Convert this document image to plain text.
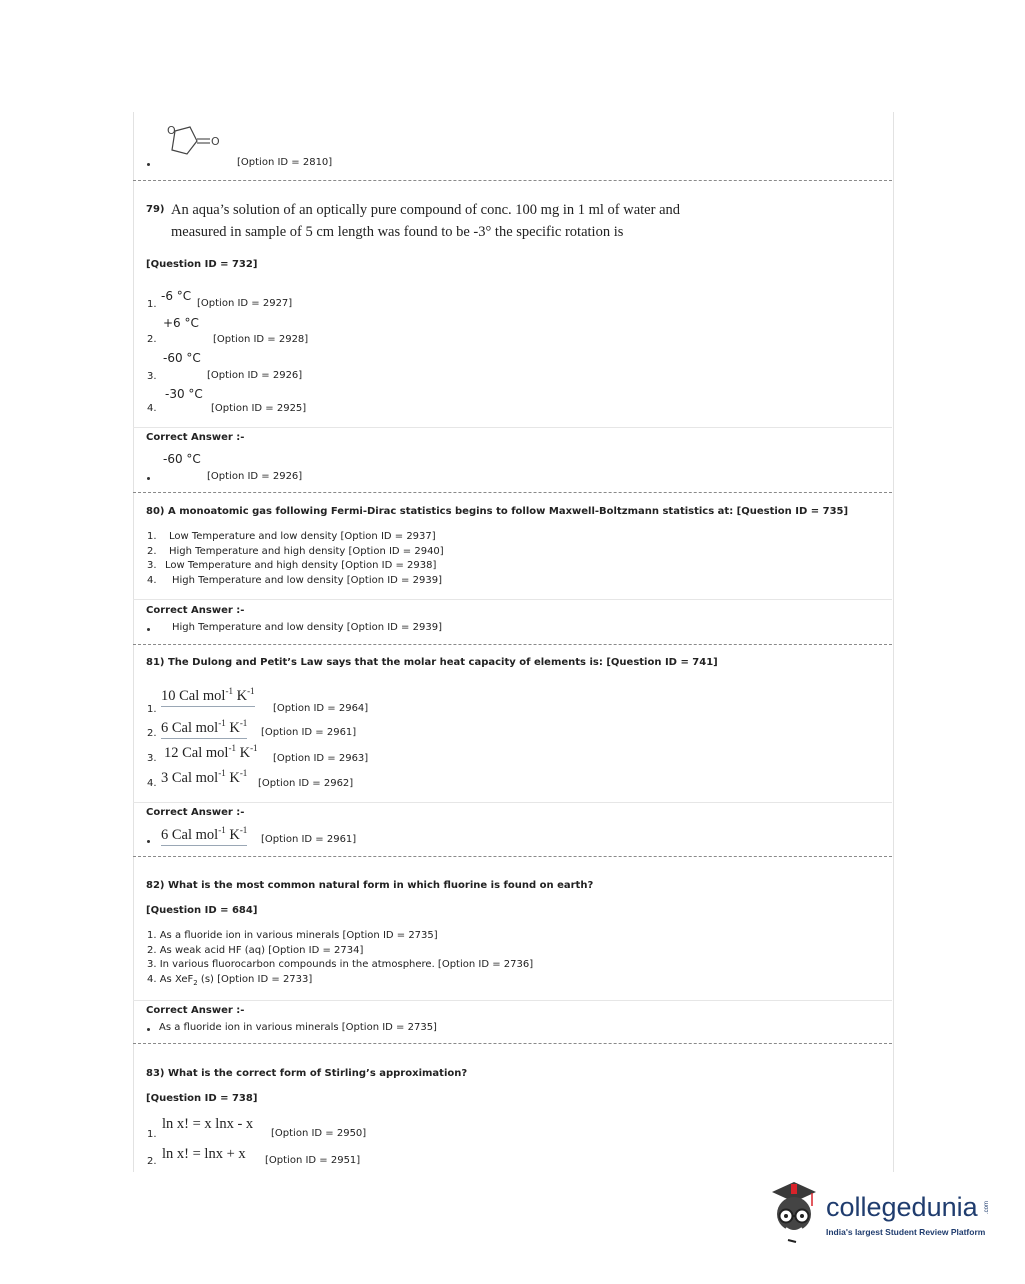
O
O
[Option ID = 2810]
79) An aqua’s solution of an optically pure compound of conc. 100 mg in 1 ml of water and
measured in sample of 5 cm length was found to be -3° the specific rotation is
[Question ID = 732]
1.
-6 °C
[Option ID = 2927]
+6 °C
2.	[Option ID = 2928]
-60 °C
3.	[Option ID = 2926]
-30 °C
4.	[Option ID = 2925]
Correct Answer :-
-60 °C
[Option ID = 2926]
80) A monoatomic gas following Fermi-Dirac statistics begins to follow Maxwell-Boltzmann statistics at: [Question ID = 735]
1. Low Temperature and low density [Option ID = 2937]
2. High Temperature and high density [Option ID = 2940]
3. Low Temperature and high density [Option ID = 2938]
4. High Temperature and low density [Option ID = 2939]
Correct Answer :-
High Temperature and low density [Option ID = 2939]
81) The Dulong and Petit’s Law says that the molar heat capacity of elements is: [Question ID = 741]
10 Cal mol$^{-1}$ $K^{-1}$
1.	[Option ID = 2964]
6 Cal mol$^{-1}$ $K^{-1}$
2.	[Option ID = 2961]
12 Cal mol$^{-1}$ $K^{-1}$
3.	[Option ID = 2963]
3 Cal mol$^{-1}$ $K^{-1}$
4.	[Option ID = 2962]
Correct Answer :-
6 Cal mol$^{-1}$ $K^{-1}$
[Option ID = 2961]
82) What is the most common natural form in which fluorine is found on earth?
[Question ID = 684]
1. As a fluoride ion in various minerals [Option ID = 2735]
2. As weak acid HF (aq) [Option ID = 2734]
3. In various fluorocarbon compounds in the atmosphere. [Option ID = 2736]
4. As XeF$_2$ (s) [Option ID = 2733]
Correct Answer :-
As a fluoride ion in various minerals [Option ID = 2735]
83) What is the correct form of Stirling’s approximation?
[Question ID = 738]
ln x! = x lnx - x
1.	[Option ID = 2950]
ln x! = lnx + x
2.	[Option ID = 2951]
collegedunia .com
India's largest Student Review Platform
